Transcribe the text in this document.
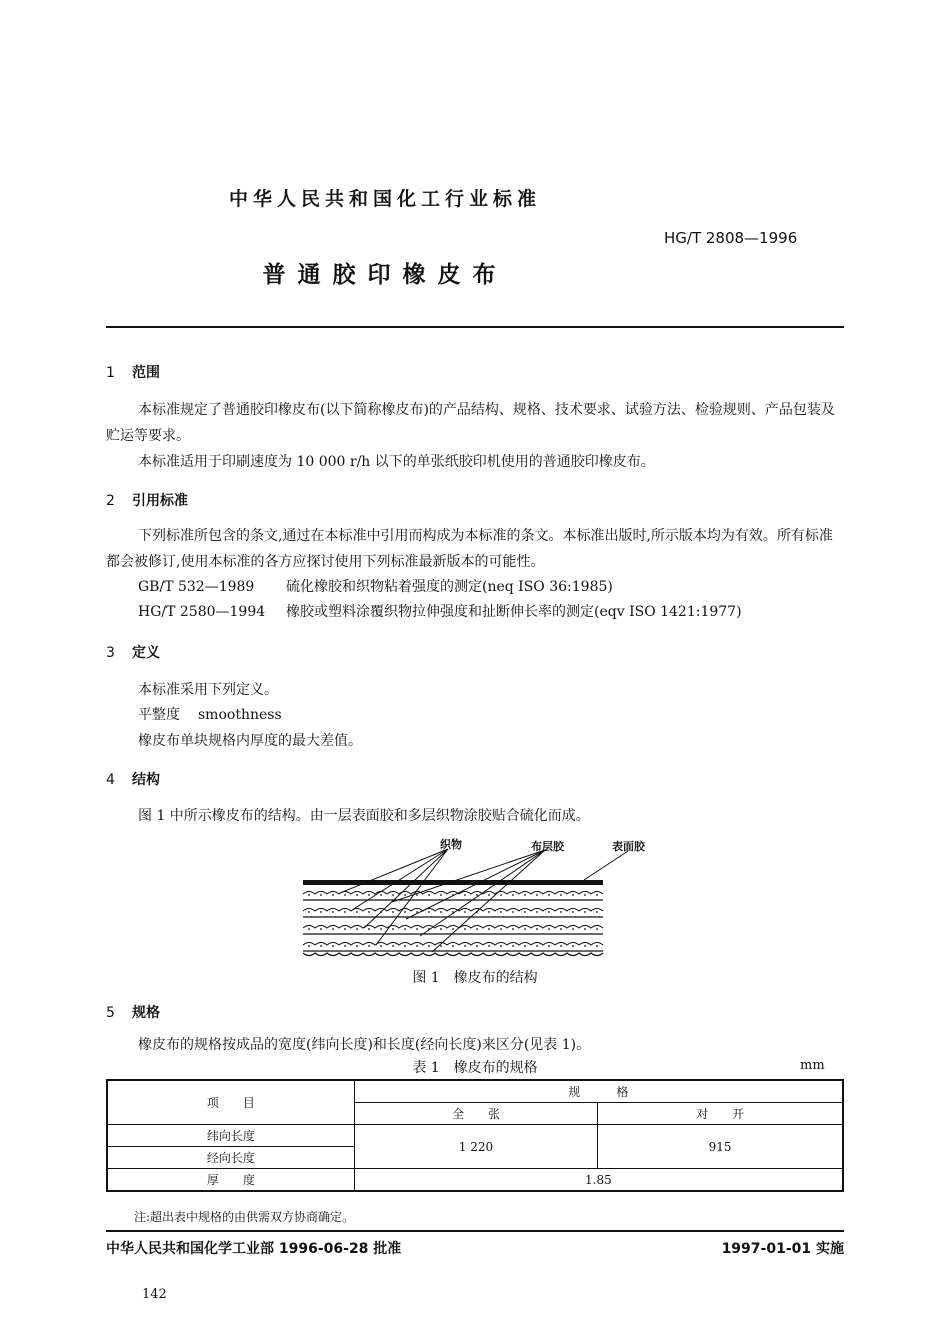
中华人民共和国化工行业标准
HG/T 2808—1996
普通胶印橡皮布
1 范围
本标准规定了普通胶印橡皮布(以下简称橡皮布)的产品结构、规格、技术要求、试验方法、检验规则、产品包装及贮运等要求。
本标准适用于印刷速度为 10 000 r/h 以下的单张纸胶印机使用的普通胶印橡皮布。
2 引用标准
下列标准所包含的条文,通过在本标准中引用而构成为本标准的条文。本标准出版时,所示版本均为有效。所有标准都会被修订,使用本标准的各方应探讨使用下列标准最新版本的可能性。
GB/T 532—1989 硫化橡胶和织物粘着强度的测定(neq ISO 36:1985)
HG/T 2580—1994 橡胶或塑料涂覆织物拉伸强度和扯断伸长率的测定(eqv ISO 1421:1977)
3 定义
本标准采用下列定义。
平整度 smoothness
橡皮布单块规格内厚度的最大差值。
4 结构
图 1 中所示橡皮布的结构。由一层表面胶和多层织物涂胶贴合硫化而成。
织物	布层胶	表面胶
图 1　橡皮布的结构
5 规格
橡皮布的规格按成品的宽度(纬向长度)和长度(经向长度)来区分(见表 1)。
表 1　橡皮布的规格	mm
项　　目	规　　　格	
	全　　张	对　　开
纬向长度	1 220	915
经向长度		
厚　　度	1.85	
注:超出表中规格的由供需双方协商确定。
中华人民共和国化学工业部 1996-06-28 批准	1997-01-01 实施
142
